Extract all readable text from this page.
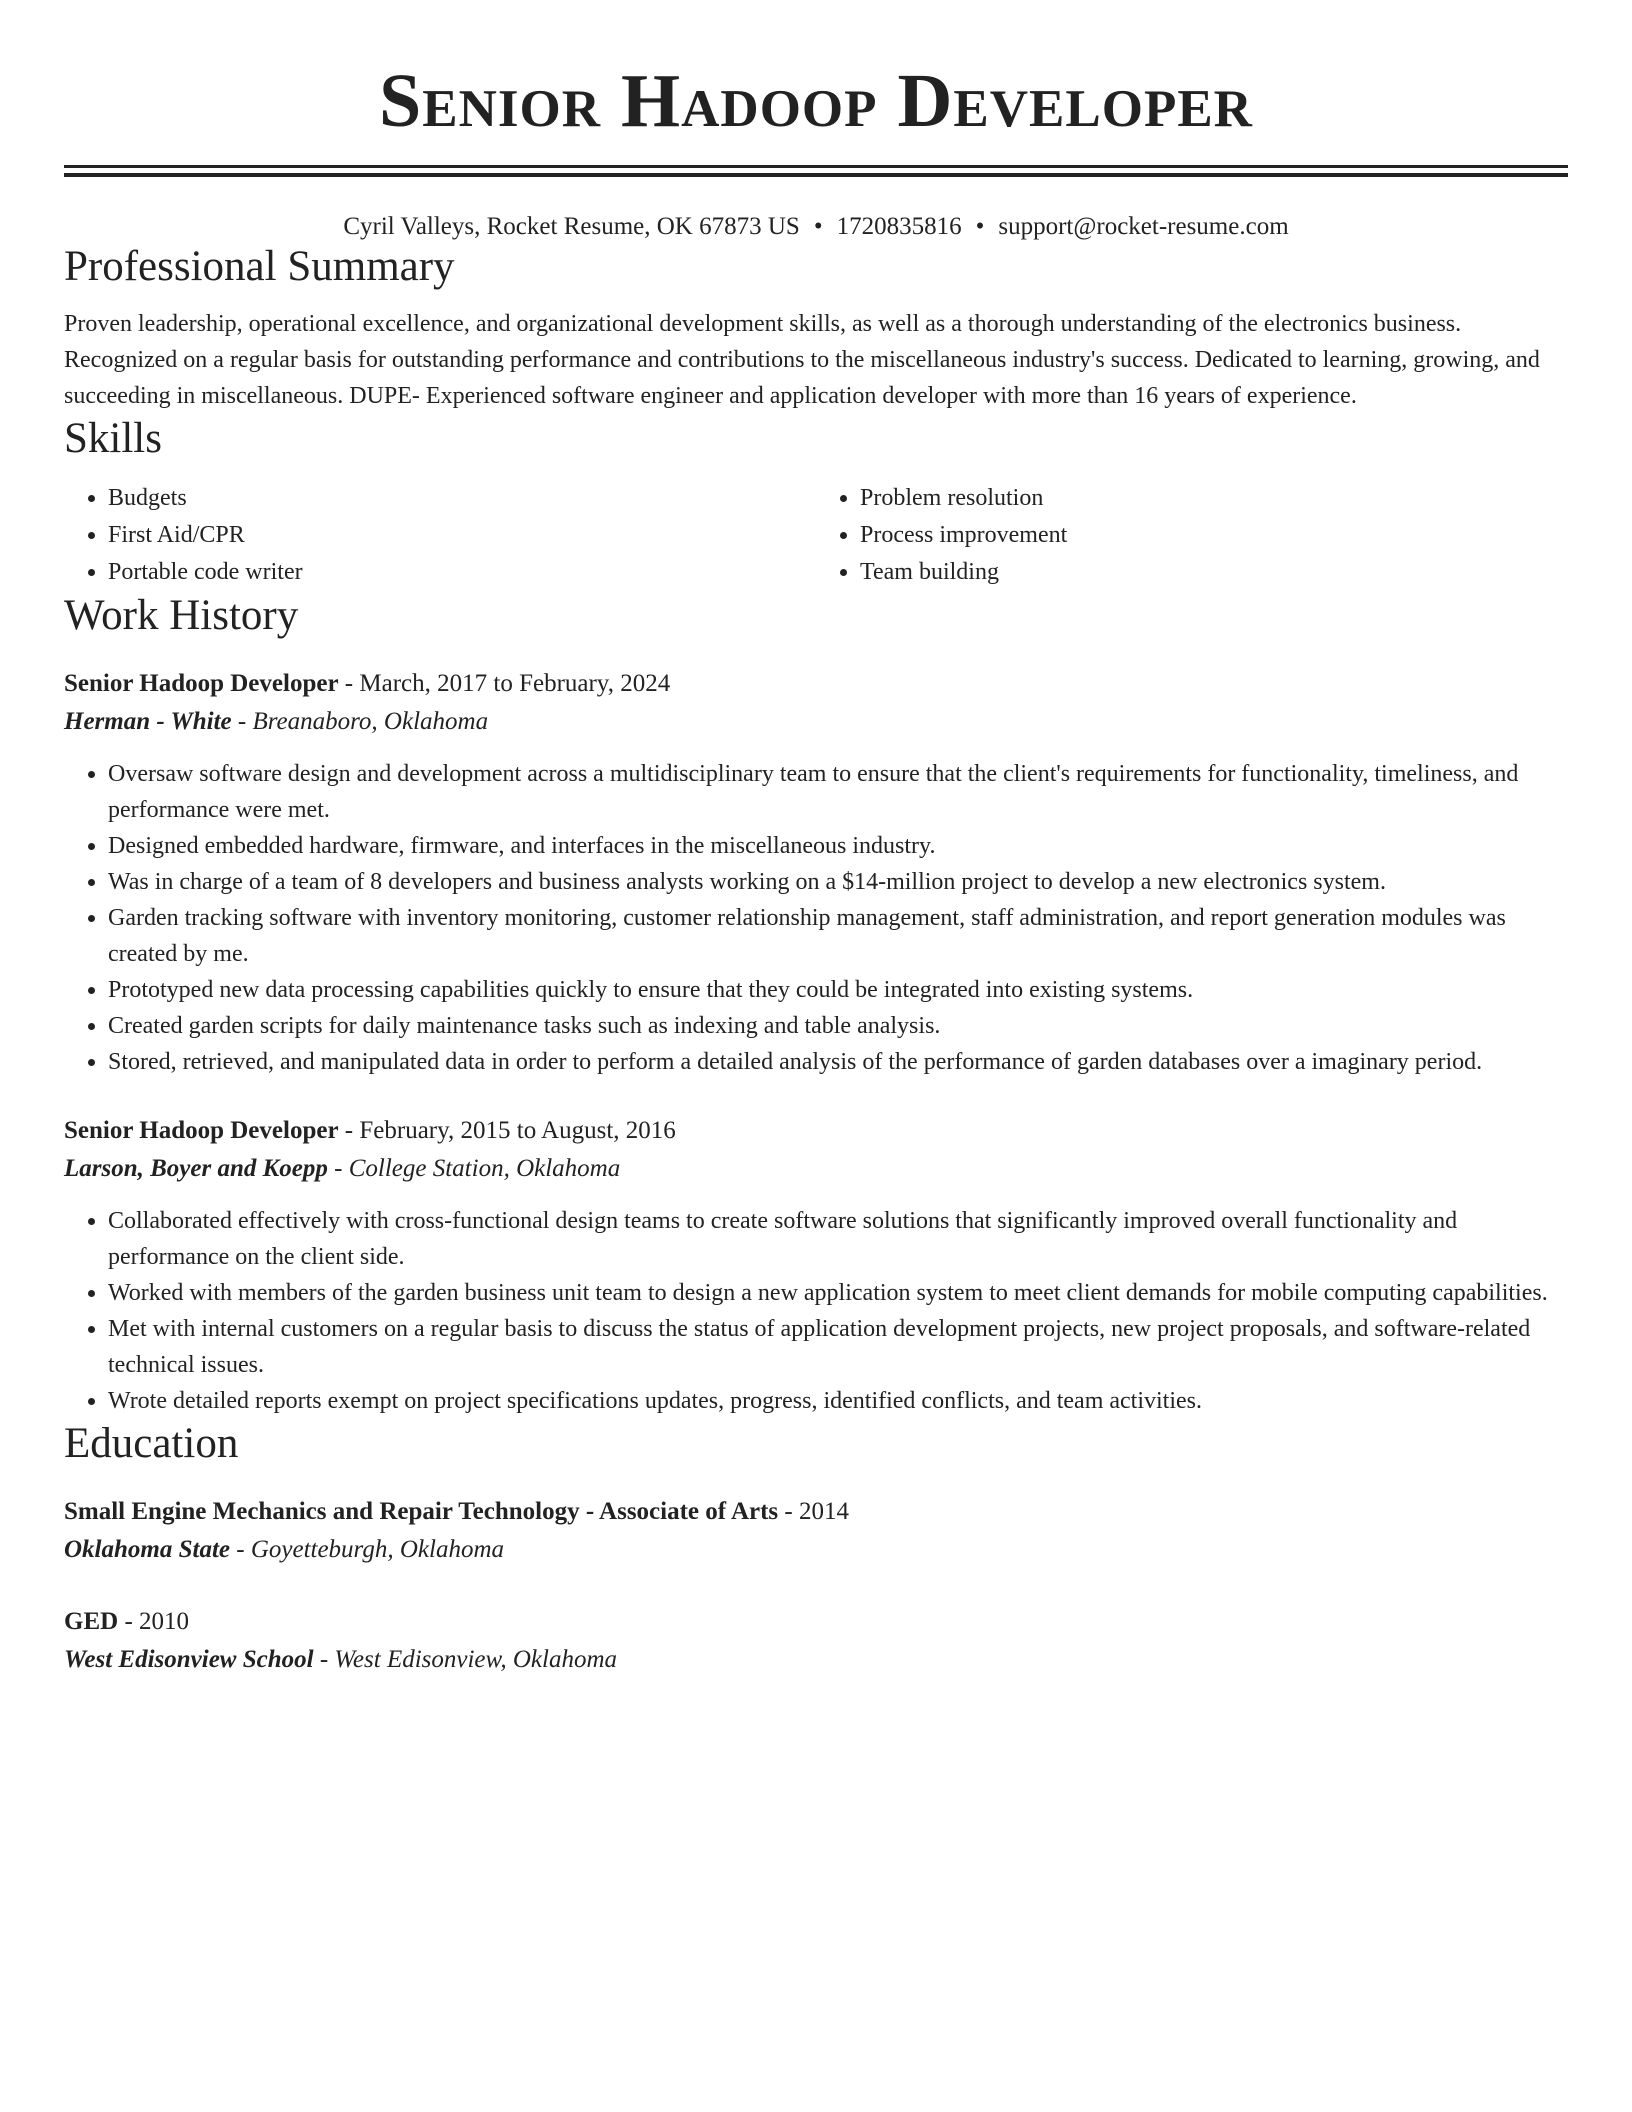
Senior Hadoop Developer
Cyril Valleys, Rocket Resume, OK 67873 US • 1720835816 • support@rocket-resume.com
Professional Summary

Proven leadership, operational excellence, and organizational development skills, as well as a thorough understanding of the electronics business. Recognized on a regular basis for outstanding performance and contributions to the miscellaneous industry's success. Dedicated to learning, growing, and succeeding in miscellaneous. DUPE- Experienced software engineer and application developer with more than 16 years of experience.

Skills
• Budgets
• First Aid/CPR
• Portable code writer
• Problem resolution
• Process improvement
• Team building
Work History
Senior Hadoop Developer - March, 2017 to February, 2024
Herman - White - Breanaboro, Oklahoma
• Oversaw software design and development across a multidisciplinary team to ensure that the client's requirements for functionality, timeliness, and performance were met.
• Designed embedded hardware, firmware, and interfaces in the miscellaneous industry.
• Was in charge of a team of 8 developers and business analysts working on a $14-million project to develop a new electronics system.
• Garden tracking software with inventory monitoring, customer relationship management, staff administration, and report generation modules was created by me.
• Prototyped new data processing capabilities quickly to ensure that they could be integrated into existing systems.
• Created garden scripts for daily maintenance tasks such as indexing and table analysis.
• Stored, retrieved, and manipulated data in order to perform a detailed analysis of the performance of garden databases over a imaginary period.
Senior Hadoop Developer - February, 2015 to August, 2016
Larson, Boyer and Koepp - College Station, Oklahoma
• Collaborated effectively with cross-functional design teams to create software solutions that significantly improved overall functionality and performance on the client side.
• Worked with members of the garden business unit team to design a new application system to meet client demands for mobile computing capabilities.
• Met with internal customers on a regular basis to discuss the status of application development projects, new project proposals, and software-related technical issues.
• Wrote detailed reports exempt on project specifications updates, progress, identified conflicts, and team activities.
Education
Small Engine Mechanics and Repair Technology - Associate of Arts - 2014
Oklahoma State - Goyetteburgh, Oklahoma
GED - 2010
West Edisonview School - West Edisonview, Oklahoma
